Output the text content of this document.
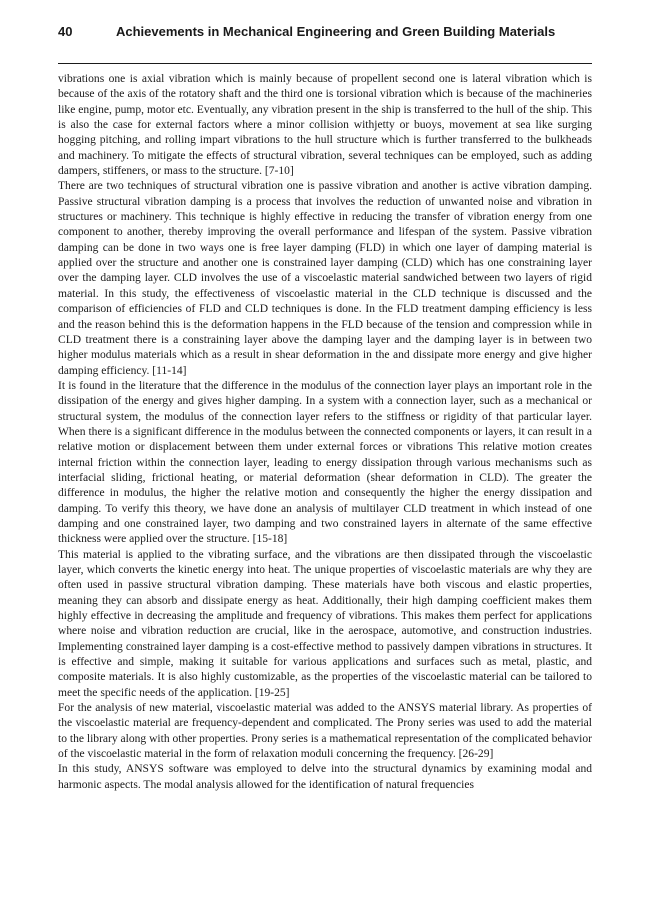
40	Achievements in Mechanical Engineering and Green Building Materials

vibrations one is axial vibration which is mainly because of propellent second one is lateral vibration which is because of the axis of the rotatory shaft and the third one is torsional vibration which is because of the machineries like engine, pump, motor etc. Eventually, any vibration present in the ship is transferred to the hull of the ship. This is also the case for external factors where a minor collision withjetty or buoys, movement at sea like surging hogging pitching, and rolling impart vibrations to the hull structure which is further transferred to the bulkheads and machinery. To mitigate the effects of structural vibration, several techniques can be employed, such as adding dampers, stiffeners, or mass to the structure. [7-10]

There are two techniques of structural vibration one is passive vibration and another is active vibration damping. Passive structural vibration damping is a process that involves the reduction of unwanted noise and vibration in structures or machinery. This technique is highly effective in reducing the transfer of vibration energy from one component to another, thereby improving the overall performance and lifespan of the system. Passive vibration damping can be done in two ways one is free layer damping (FLD) in which one layer of damping material is applied over the structure and another one is constrained layer damping (CLD) which has one constraining layer over the damping layer. CLD involves the use of a viscoelastic material sandwiched between two layers of rigid material. In this study, the effectiveness of viscoelastic material in the CLD technique is discussed and the comparison of efficiencies of FLD and CLD techniques is done. In the FLD treatment damping efficiency is less and the reason behind this is the deformation happens in the FLD because of the tension and compression while in CLD treatment there is a constraining layer above the damping layer and the damping layer is in between two higher modulus materials which as a result in shear deformation in the and dissipate more energy and give higher damping efficiency. [11-14]

It is found in the literature that the difference in the modulus of the connection layer plays an important role in the dissipation of the energy and gives higher damping. In a system with a connection layer, such as a mechanical or structural system, the modulus of the connection layer refers to the stiffness or rigidity of that particular layer. When there is a significant difference in the modulus between the connected components or layers, it can result in a relative motion or displacement between them under external forces or vibrations This relative motion creates internal friction within the connection layer, leading to energy dissipation through various mechanisms such as interfacial sliding, frictional heating, or material deformation (shear deformation in CLD). The greater the difference in modulus, the higher the relative motion and consequently the higher the energy dissipation and damping. To verify this theory, we have done an analysis of multilayer CLD treatment in which instead of one damping and one constrained layer, two damping and two constrained layers in alternate of the same effective thickness were applied over the structure. [15-18]

This material is applied to the vibrating surface, and the vibrations are then dissipated through the viscoelastic layer, which converts the kinetic energy into heat. The unique properties of viscoelastic materials are why they are often used in passive structural vibration damping. These materials have both viscous and elastic properties, meaning they can absorb and dissipate energy as heat. Additionally, their high damping coefficient makes them highly effective in decreasing the amplitude and frequency of vibrations. This makes them perfect for applications where noise and vibration reduction are crucial, like in the aerospace, automotive, and construction industries. Implementing constrained layer damping is a cost-effective method to passively dampen vibrations in structures. It is effective and simple, making it suitable for various applications and surfaces such as metal, plastic, and composite materials. It is also highly customizable, as the properties of the viscoelastic material can be tailored to meet the specific needs of the application. [19-25]

For the analysis of new material, viscoelastic material was added to the ANSYS material library. As properties of the viscoelastic material are frequency-dependent and complicated. The Prony series was used to add the material to the library along with other properties. Prony series is a mathematical representation of the complicated behavior of the viscoelastic material in the form of relaxation moduli concerning the frequency. [26-29]

In this study, ANSYS software was employed to delve into the structural dynamics by examining modal and harmonic aspects. The modal analysis allowed for the identification of natural frequencies
